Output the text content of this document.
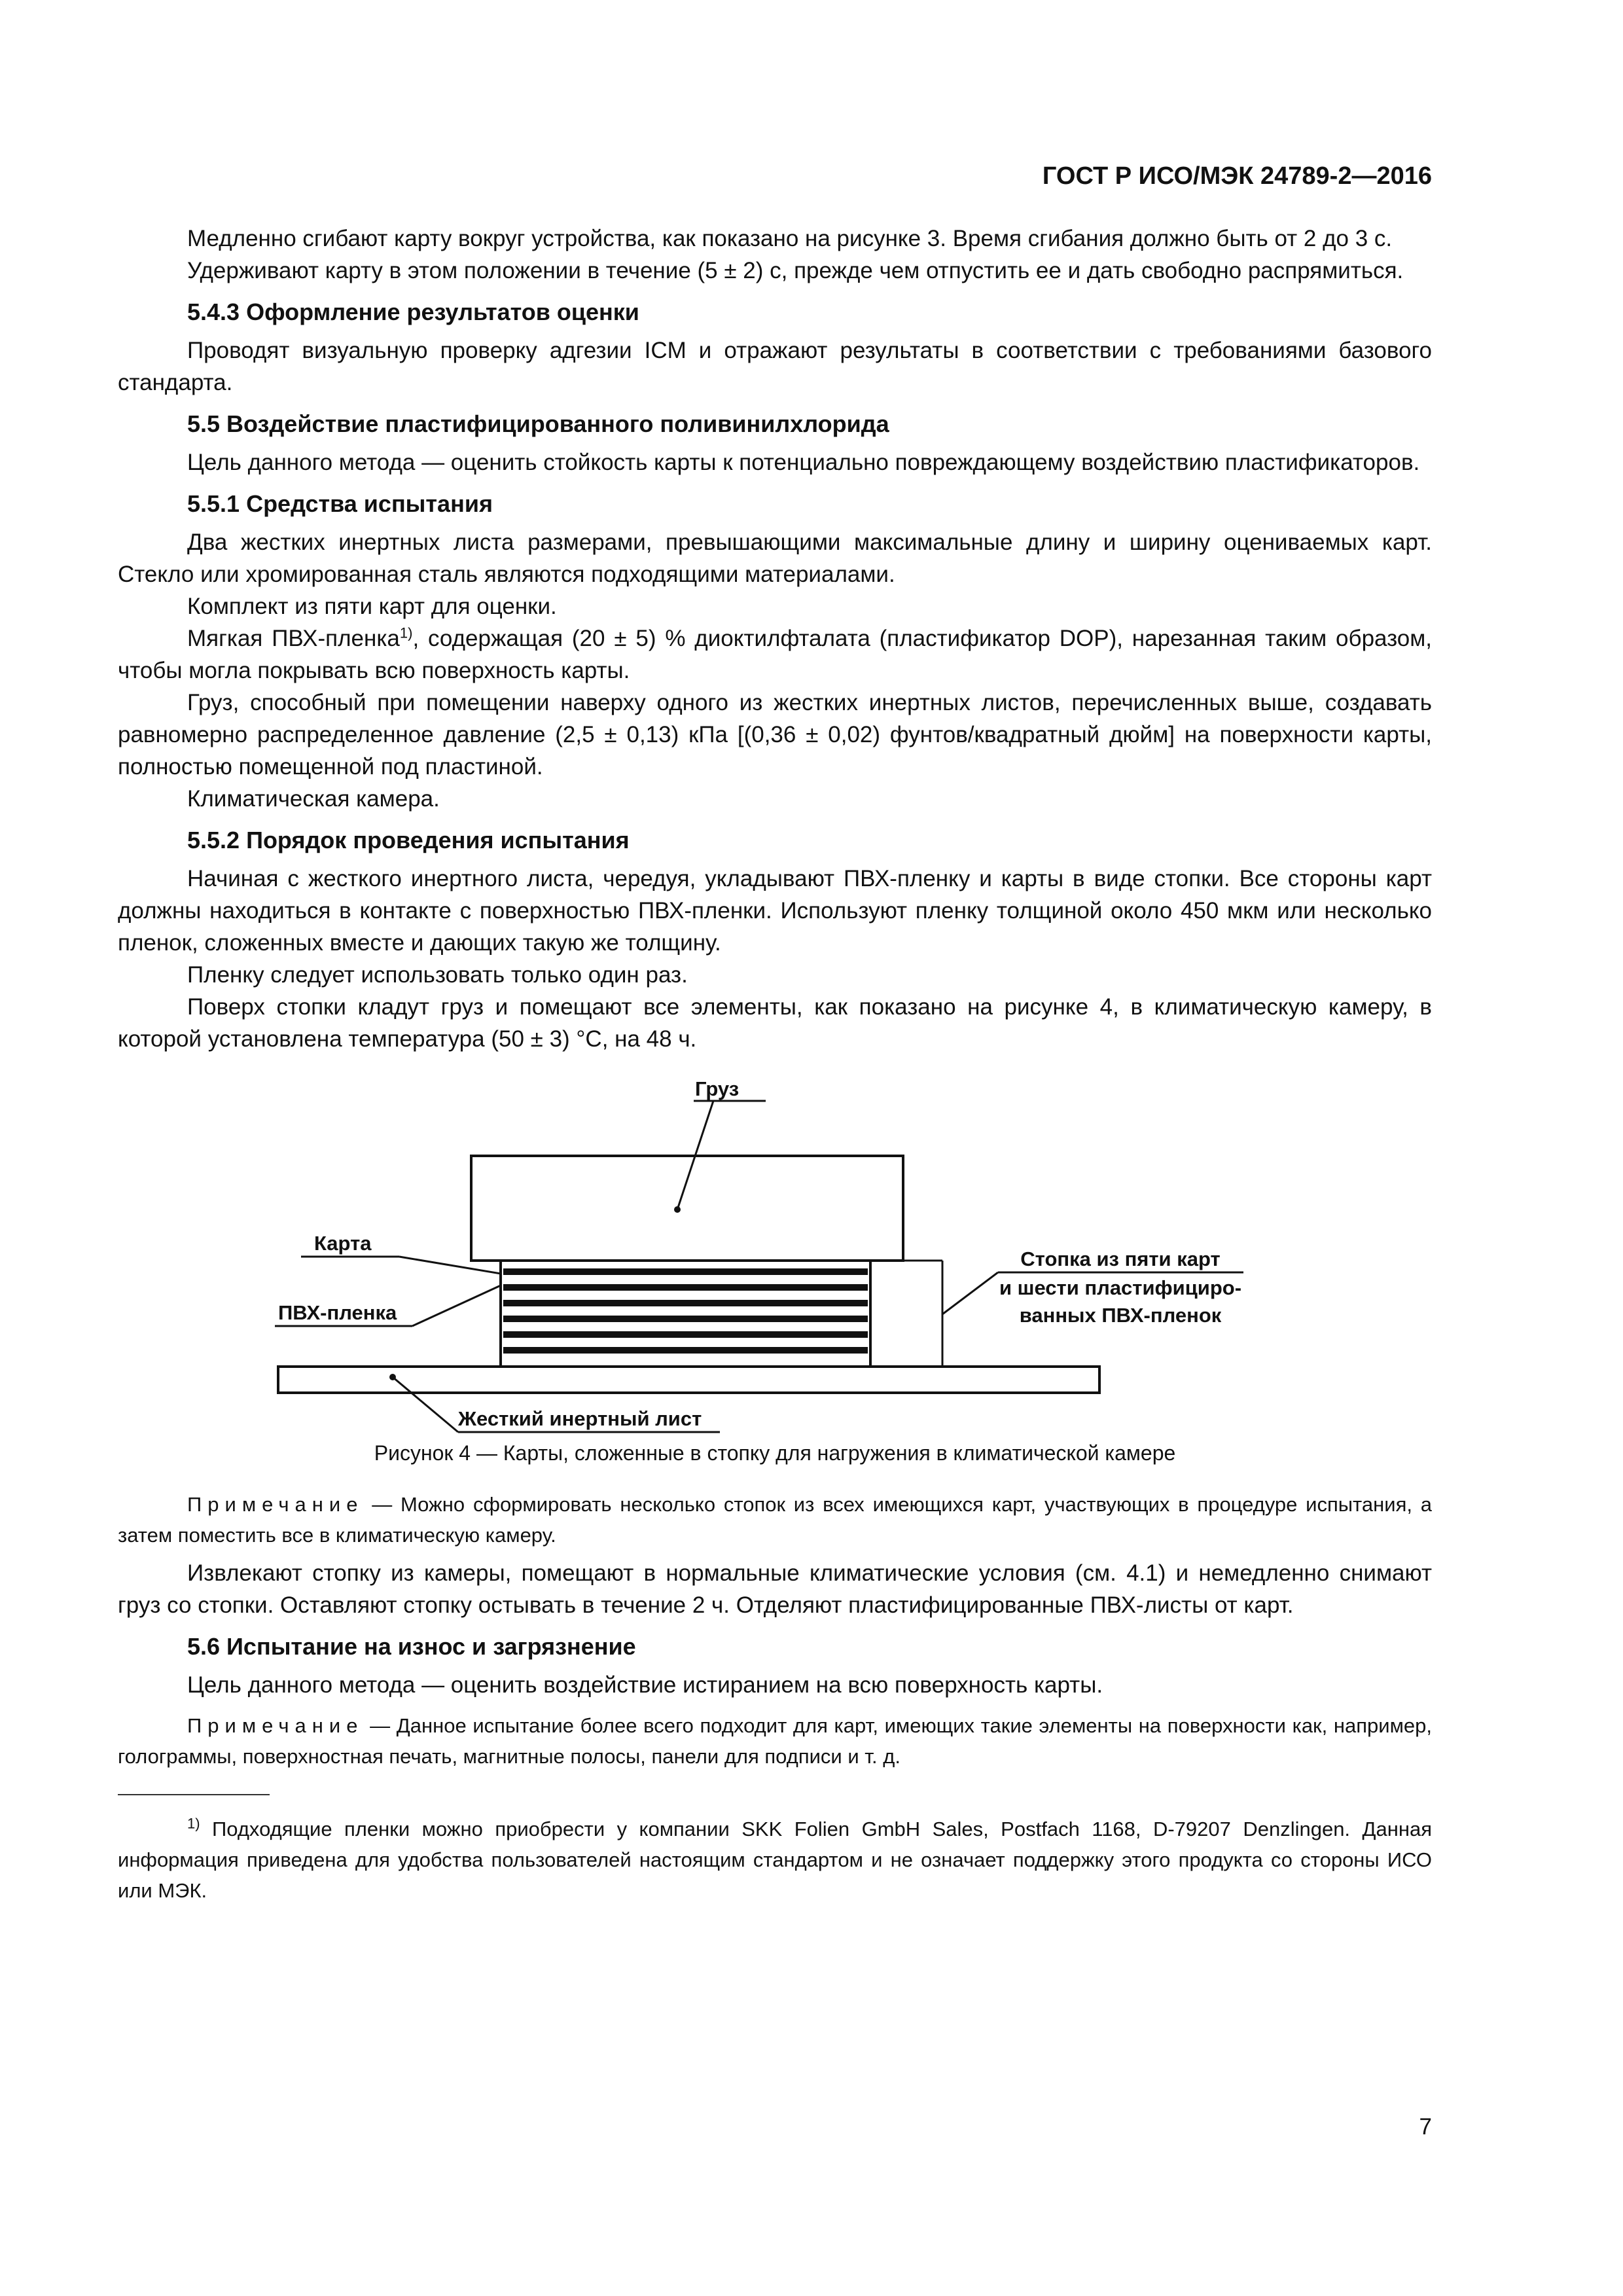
ГОСТ Р ИСО/МЭК 24789-2—2016

Медленно сгибают карту вокруг устройства, как показано на рисунке 3. Время сгибания должно быть от 2 до 3 с.

Удерживают карту в этом положении в течение (5 ± 2) с, прежде чем отпустить ее и дать свободно распрямиться.

5.4.3 Оформление результатов оценки

Проводят визуальную проверку адгезии ICM и отражают результаты в соответствии с требованиями базового стандарта.

5.5 Воздействие пластифицированного поливинилхлорида

Цель данного метода — оценить стойкость карты к потенциально повреждающему воздействию пластификаторов.

5.5.1 Средства испытания

Два жестких инертных листа размерами, превышающими максимальные длину и ширину оцениваемых карт. Стекло или хромированная сталь являются подходящими материалами.

Комплект из пяти карт для оценки.

Мягкая ПВХ-пленка$^{1)}$, содержащая (20 ± 5) % диоктилфталата (пластификатор DOP), нарезанная таким образом, чтобы могла покрывать всю поверхность карты.

Груз, способный при помещении наверху одного из жестких инертных листов, перечисленных выше, создавать равномерно распределенное давление (2,5 ± 0,13) кПа [(0,36 ± 0,02) фунтов/квадратный дюйм] на поверхности карты, полностью помещенной под пластиной.

Климатическая камера.

5.5.2 Порядок проведения испытания

Начиная с жесткого инертного листа, чередуя, укладывают ПВХ-пленку и карты в виде стопки. Все стороны карт должны находиться в контакте с поверхностью ПВХ-пленки. Используют пленку толщиной около 450 мкм или несколько пленок, сложенных вместе и дающих такую же толщину.

Пленку следует использовать только один раз.

Поверх стопки кладут груз и помещают все элементы, как показано на рисунке 4, в климатическую камеру, в которой установлена температура (50 ± 3) °С, на 48 ч.

Груз
Карта
ПВХ-пленка
Жесткий инертный лист
Стопка из пяти карт
и шести пластифициро-
ванных ПВХ-пленок

Рисунок 4 — Карты, сложенные в стопку для нагружения в климатической камере

Примечание — Можно сформировать несколько стопок из всех имеющихся карт, участвующих в процедуре испытания, а затем поместить все в климатическую камеру.

Извлекают стопку из камеры, помещают в нормальные климатические условия (см. 4.1) и немедленно снимают груз со стопки. Оставляют стопку остывать в течение 2 ч. Отделяют пластифицированные ПВХ-листы от карт.

5.6 Испытание на износ и загрязнение

Цель данного метода — оценить воздействие истиранием на всю поверхность карты.

Примечание — Данное испытание более всего подходит для карт, имеющих такие элементы на поверхности как, например, голограммы, поверхностная печать, магнитные полосы, панели для подписи и т. д.

$^{1)}$ Подходящие пленки можно приобрести у компании SKK Folien GmbH Sales, Postfach 1168, D-79207 Denzlingen. Данная информация приведена для удобства пользователей настоящим стандартом и не означает поддержку этого продукта со стороны ИСО или МЭК.

7
